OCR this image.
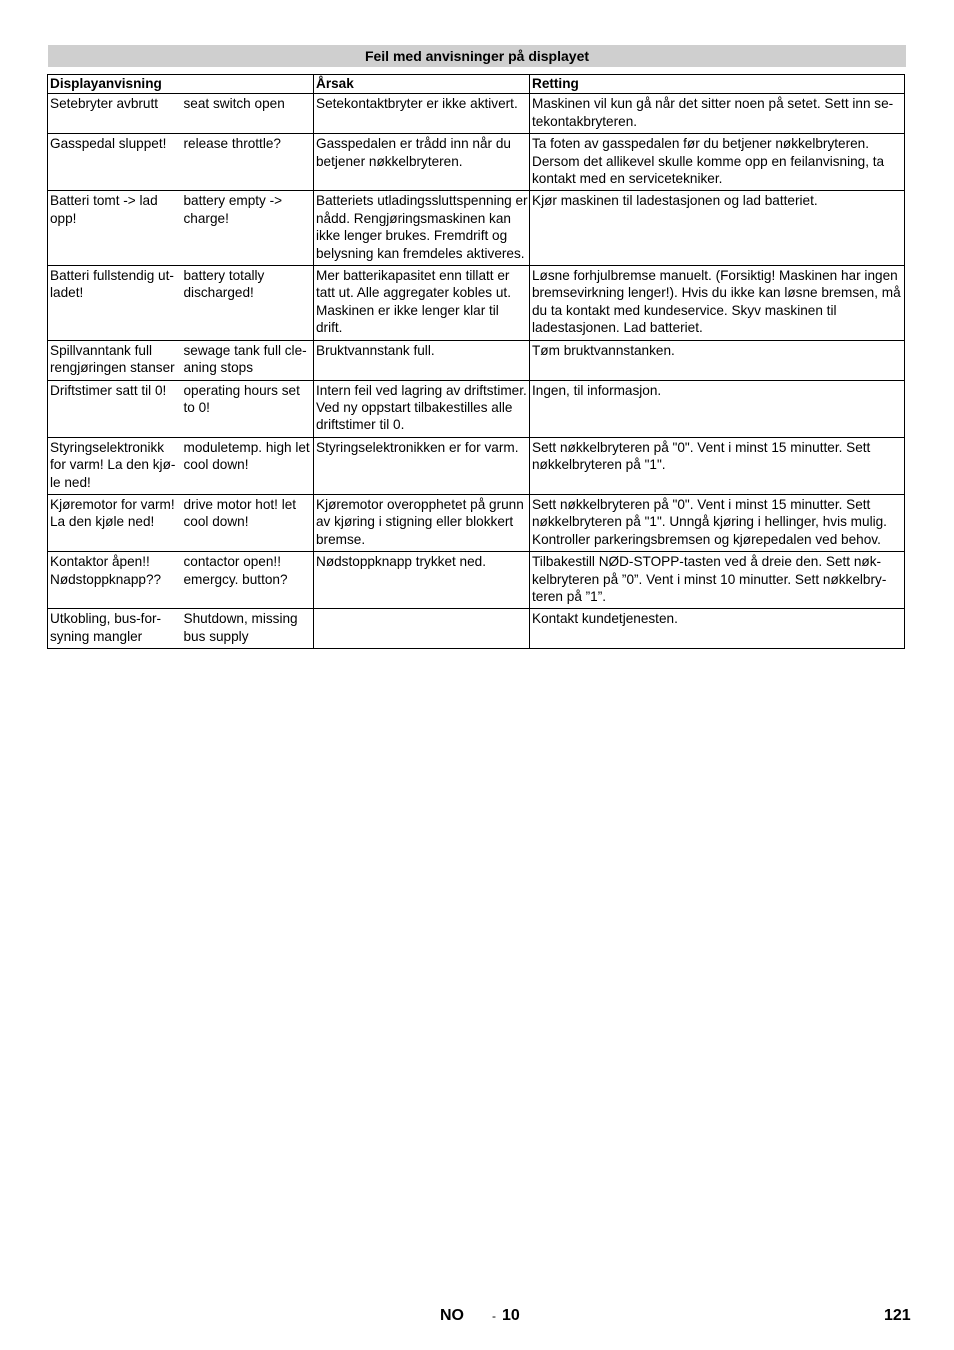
Feil med anvisninger på displayet
Displayanvisning		Årsak	Retting
Setebryter avbrutt	seat switch open	Setekontaktbryter er ikke aktivert.	Maskinen vil kun gå når det sitter noen på setet. Sett inn setekontakbryteren.
Gasspedal sluppet!	release throttle?	Gasspedalen er trådd inn når du betjener nøkkelbryteren.	Ta foten av gasspedalen før du betjener nøkkelbryteren. Dersom det allikevel skulle komme opp en feilanvisning, ta kontakt med en servicetekniker.
Batteri tomt -> lad opp!	battery empty -> charge!	Batteriets utladingssluttspenning er nådd. Rengjøringsmaskinen kan ikke lenger brukes. Fremdrift og belysning kan fremdeles aktiveres.	Kjør maskinen til ladestasjonen og lad batteriet.
Batteri fullstendig utladet!	battery totally discharged!	Mer batterikapasitet enn tillatt er tatt ut. Alle aggregater kobles ut. Maskinen er ikke lenger klar til drift.	Løsne forhjulbremse manuelt. (Forsiktig! Maskinen har ingen bremsevirkning lenger!). Hvis du ikke kan løsne bremsen, må du ta kontakt med kundeservice. Skyv maskinen til ladestasjonen. Lad batteriet.
Spillvanntank full rengjøringen stanser	sewage tank full cleaning stops	Bruktvannstank full.	Tøm bruktvannstanken.
Driftstimer satt til 0!	operating hours set to 0!	Intern feil ved lagring av driftstimer. Ved ny oppstart tilbakestilles alle driftstimer til 0.	Ingen, til informasjon.
Styringselektronikk for varm! La den kjøle ned!	moduletemp. high let cool down!	Styringselektronikken er for varm.	Sett nøkkelbryteren på "0". Vent i minst 15 minutter. Sett nøkkelbryteren på "1".
Kjøremotor for varm! La den kjøle ned!	drive motor hot! let cool down!	Kjøremotor overopphetet på grunn av kjøring i stigning eller blokkert bremse.	Sett nøkkelbryteren på "0". Vent i minst 15 minutter. Sett nøkkelbryteren på "1". Unngå kjøring i hellinger, hvis mulig. Kontroller parkeringsbremsen og kjørepedalen ved behov.
Kontaktor åpen!! Nødstoppknapp??	contactor open!! emergcy. button?	Nødstoppknapp trykket ned.	Tilbakestill NØD-STOPP-tasten ved å dreie den. Sett nøkkelbryteren på ”0”. Vent i minst 10 minutter. Sett nøkkelbryteren på ”1”.
Utkobling, bus-forsyning mangler	Shutdown, missing bus supply		Kontakt kundetjenesten.
NO - 10	121
